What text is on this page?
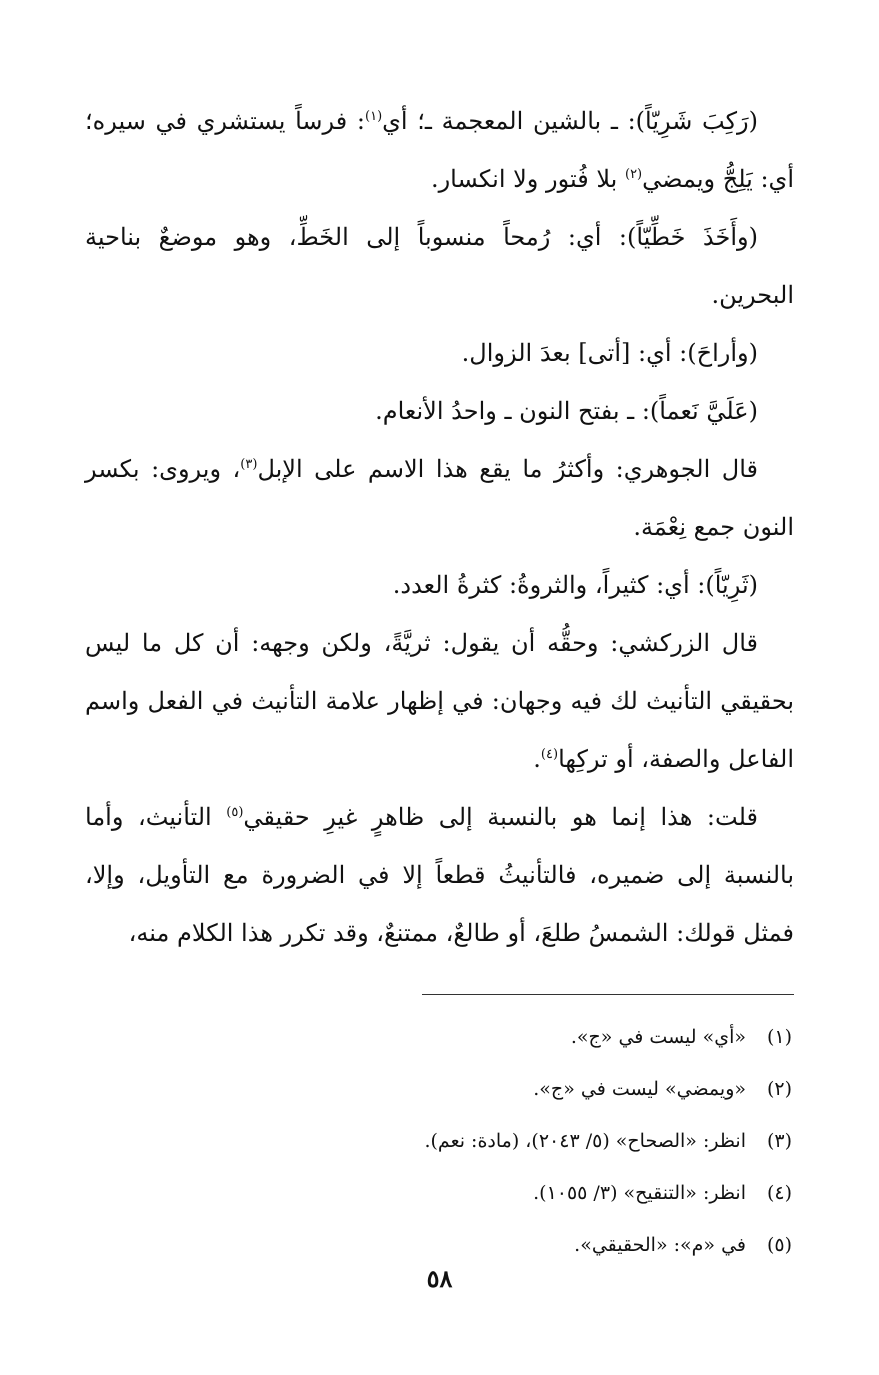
(رَكِبَ شَرِيّاً): ـ بالشين المعجمة ـ؛ أي$^{(١)}$: فرساً يستشري في سيره؛ أي: يَلِجُّ ويمضي$^{(٢)}$ بلا فُتور ولا انكسار.

(وأَخَذَ خَطِّيّاً): أي: رُمحاً منسوباً إلى الخَطِّ، وهو موضعٌ بناحية البحرين.

(وأراحَ): أي: [أتى] بعدَ الزوال.

(عَلَيَّ نَعماً): ـ بفتح النون ـ واحدُ الأنعام.

قال الجوهري: وأكثرُ ما يقع هذا الاسم على الإبل$^{(٣)}$، ويروى: بكسر النون جمع نِعْمَة.

(ثَرِيّاً): أي: كثيراً، والثروةُ: كثرةُ العدد.

قال الزركشي: وحقُّه أن يقول: ثريَّةً، ولكن وجهه: أن كل ما ليس بحقيقي التأنيث لك فيه وجهان: في إظهار علامة التأنيث في الفعل واسم الفاعل والصفة، أو تركِها$^{(٤)}$.

قلت: هذا إنما هو بالنسبة إلى ظاهرٍ غيرِ حقيقي$^{(٥)}$ التأنيث، وأما بالنسبة إلى ضميره، فالتأنيثُ قطعاً إلا في الضرورة مع التأويل، وإلا، فمثل قولك: الشمسُ طلعَ، أو طالعٌ، ممتنعٌ، وقد تكرر هذا الكلام منه،

(١)
«أي» ليست في «ج».
(٢)
«ويمضي» ليست في «ج».
(٣)
انظر: «الصحاح» (٥/ ٢٠٤٣)، (مادة: نعم).
(٤)
انظر: «التنقيح» (٣/ ١٠٥٥).
(٥)
في «م»: «الحقيقي».
٥٨
